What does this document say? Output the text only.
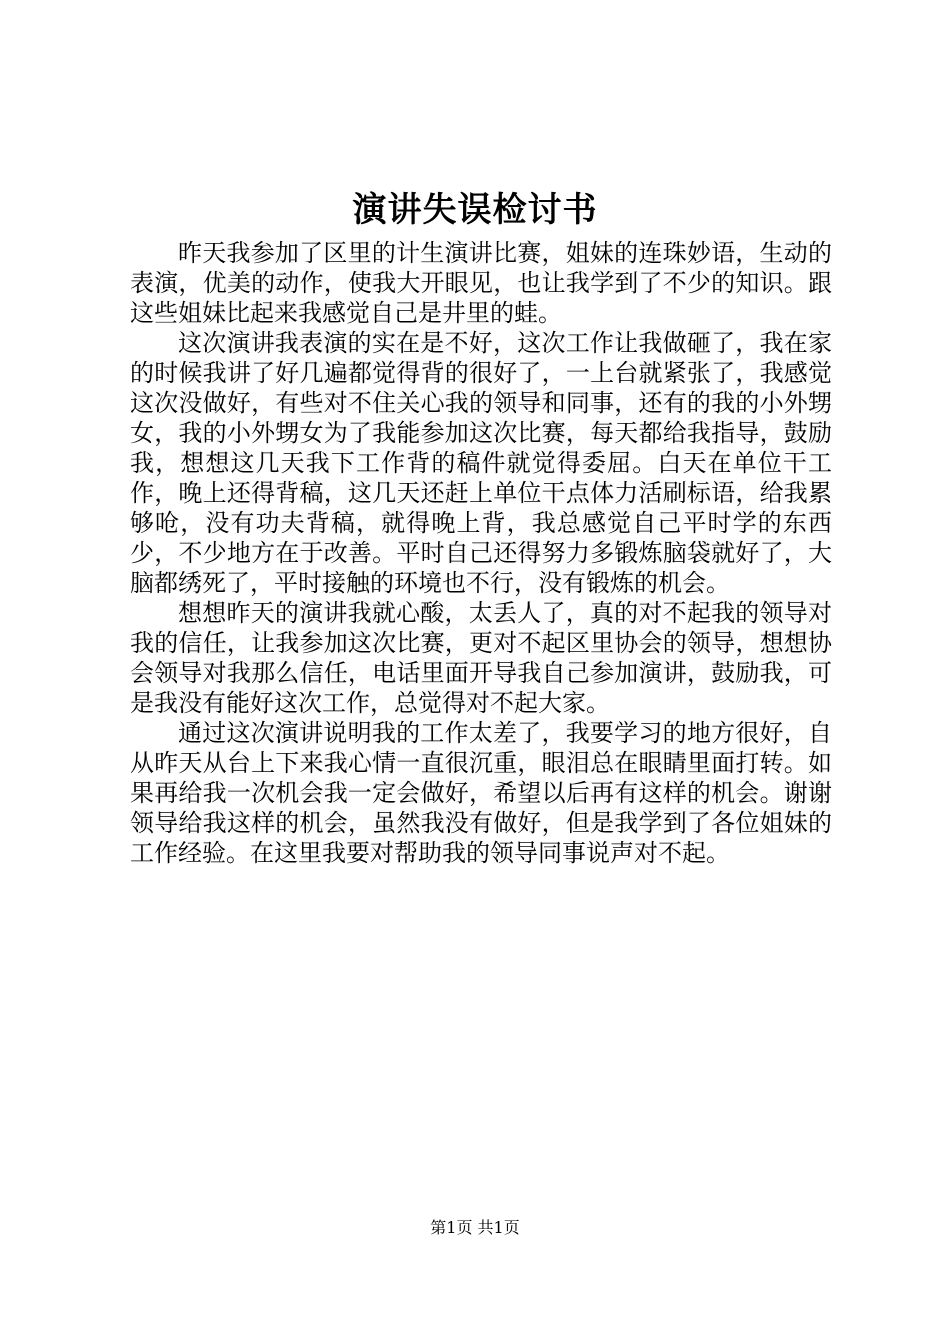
演讲失误检讨书

昨天我参加了区里的计生演讲比赛，姐妹的连珠妙语，生动的表演，优美的动作，使我大开眼见，也让我学到了不少的知识。跟这些姐妹比起来我感觉自己是井里的蛙。

这次演讲我表演的实在是不好，这次工作让我做砸了，我在家的时候我讲了好几遍都觉得背的很好了，一上台就紧张了，我感觉这次没做好，有些对不住关心我的领导和同事，还有的我的小外甥女，我的小外甥女为了我能参加这次比赛，每天都给我指导，鼓励我，想想这几天我下工作背的稿件就觉得委屈。白天在单位干工作，晚上还得背稿，这几天还赶上单位干点体力活刷标语，给我累够呛，没有功夫背稿，就得晚上背，我总感觉自己平时学的东西少，不少地方在于改善。平时自己还得努力多锻炼脑袋就好了，大脑都绣死了，平时接触的环境也不行，没有锻炼的机会。

想想昨天的演讲我就心酸，太丢人了，真的对不起我的领导对我的信任，让我参加这次比赛，更对不起区里协会的领导，想想协会领导对我那么信任，电话里面开导我自己参加演讲，鼓励我，可是我没有能好这次工作，总觉得对不起大家。

通过这次演讲说明我的工作太差了，我要学习的地方很好，自从昨天从台上下来我心情一直很沉重，眼泪总在眼睛里面打转。如果再给我一次机会我一定会做好，希望以后再有这样的机会。谢谢领导给我这样的机会，虽然我没有做好，但是我学到了各位姐妹的工作经验。在这里我要对帮助我的领导同事说声对不起。

第1页 共1页
